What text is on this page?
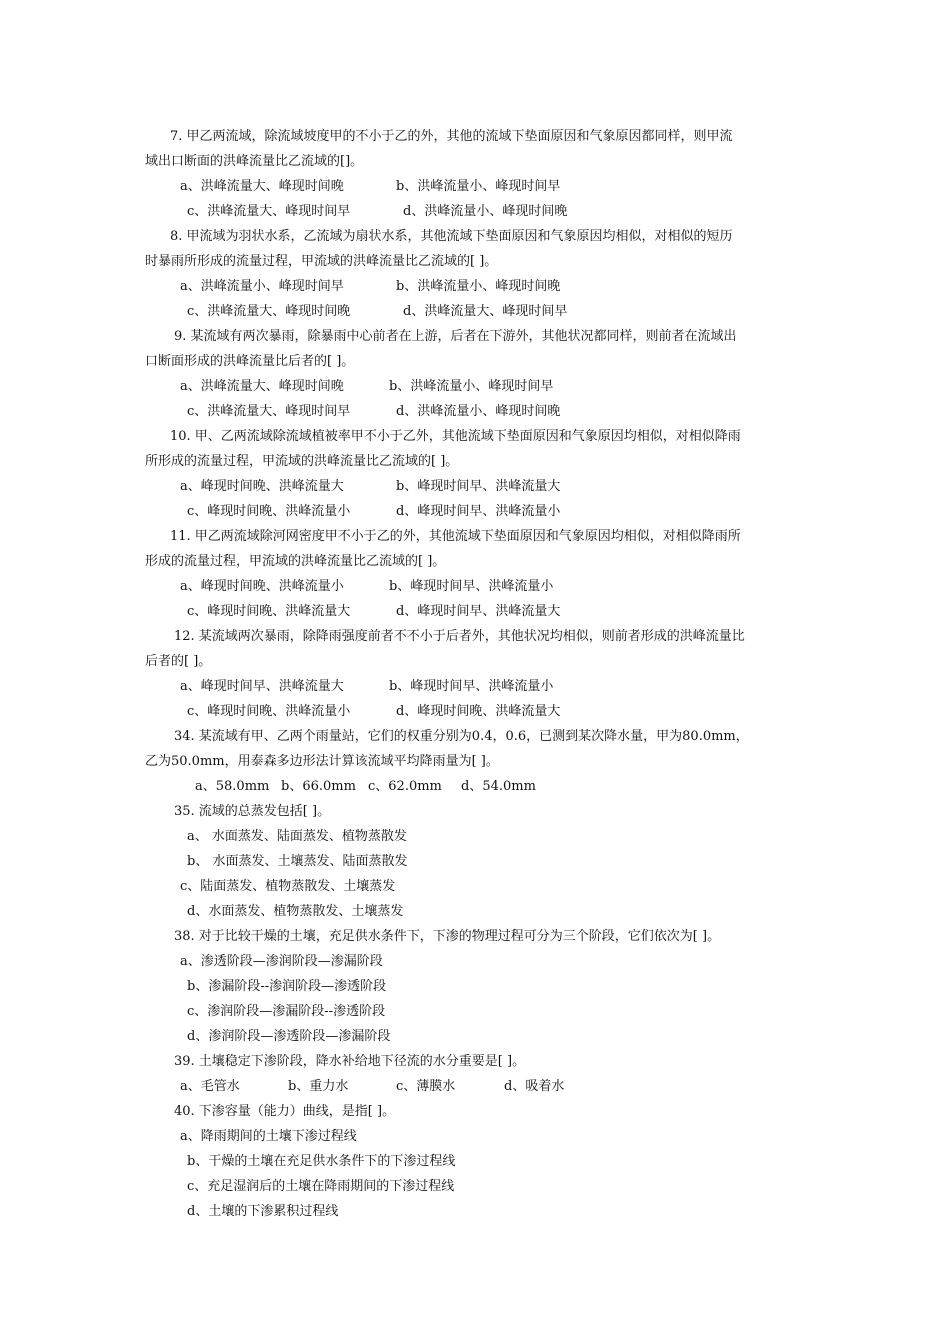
7. 甲乙两流域，除流域坡度甲的不小于乙的外，其他的流域下垫面原因和气象原因都同样，则甲流
域出口断面的洪峰流量比乙流域的[]。
a、洪峰流量大、峰现时间晚	b、洪峰流量小、峰现时间早
c、洪峰流量大、峰现时间早	d、洪峰流量小、峰现时间晚
8. 甲流域为羽状水系，乙流域为扇状水系，其他流域下垫面原因和气象原因均相似，对相似的短历
时暴雨所形成的流量过程，甲流域的洪峰流量比乙流域的[ ]。
a、洪峰流量小、峰现时间早	b、洪峰流量小、峰现时间晚
c、洪峰流量大、峰现时间晚	d、洪峰流量大、峰现时间早
9. 某流域有两次暴雨，除暴雨中心前者在上游，后者在下游外，其他状况都同样，则前者在流域出
口断面形成的洪峰流量比后者的[ ]。
a、洪峰流量大、峰现时间晚	b、洪峰流量小、峰现时间早
c、洪峰流量大、峰现时间早	d、洪峰流量小、峰现时间晚
10. 甲、乙两流域除流域植被率甲不小于乙外，其他流域下垫面原因和气象原因均相似，对相似降雨
所形成的流量过程，甲流域的洪峰流量比乙流域的[ ]。
a、峰现时间晚、洪峰流量大	b、峰现时间早、洪峰流量大
c、峰现时间晚、洪峰流量小	d、峰现时间早、洪峰流量小
11. 甲乙两流域除河网密度甲不小于乙的外，其他流域下垫面原因和气象原因均相似，对相似降雨所
形成的流量过程，甲流域的洪峰流量比乙流域的[ ]。
a、峰现时间晚、洪峰流量小	b、峰现时间早、洪峰流量小
c、峰现时间晚、洪峰流量大	d、峰现时间早、洪峰流量大
12. 某流域两次暴雨，除降雨强度前者不不小于后者外，其他状况均相似，则前者形成的洪峰流量比
后者的[ ]。
a、峰现时间早、洪峰流量大	b、峰现时间早、洪峰流量小
c、峰现时间晚、洪峰流量小	d、峰现时间晚、洪峰流量大
34. 某流域有甲、乙两个雨量站，它们的权重分别为0.4，0.6，已测到某次降水量，甲为80.0mm，
乙为50.0mm，用泰森多边形法计算该流域平均降雨量为[ ]。
a、58.0mm b、66.0mm c、62.0mm d、54.0mm
35. 流域的总蒸发包括[ ]。
a、 水面蒸发、陆面蒸发、植物蒸散发
b、 水面蒸发、土壤蒸发、陆面蒸散发
c、陆面蒸发、植物蒸散发、土壤蒸发
d、水面蒸发、植物蒸散发、土壤蒸发
38. 对于比较干燥的土壤，充足供水条件下，下渗的物理过程可分为三个阶段，它们依次为[ ]。
a、渗透阶段—渗润阶段—渗漏阶段
b、渗漏阶段--渗润阶段—渗透阶段
c、渗润阶段—渗漏阶段--渗透阶段
d、渗润阶段—渗透阶段—渗漏阶段
39. 土壤稳定下渗阶段，降水补给地下径流的水分重要是[ ]。
a、毛管水	b、重力水	c、薄膜水	d、吸着水
40. 下渗容量（能力）曲线，是指[ ]。
a、降雨期间的土壤下渗过程线
b、干燥的土壤在充足供水条件下的下渗过程线
c、充足湿润后的土壤在降雨期间的下渗过程线
d、土壤的下渗累积过程线
